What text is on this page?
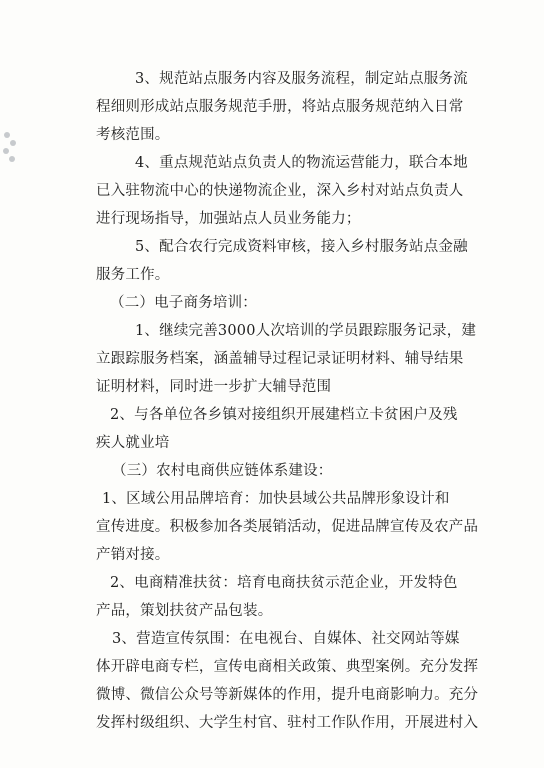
3、规范站点服务内容及服务流程，制定站点服务流
程细则形成站点服务规范手册，将站点服务规范纳入日常
考核范围。
4、重点规范站点负责人的物流运营能力，联合本地
已入驻物流中心的快递物流企业，深入乡村对站点负责人
进行现场指导，加强站点人员业务能力；
5、配合农行完成资料审核，接入乡村服务站点金融
服务工作。
（二）电子商务培训：
1、继续完善3000人次培训的学员跟踪服务记录，建
立跟踪服务档案，涵盖辅导过程记录证明材料、辅导结果
证明材料，同时进一步扩大辅导范围
2、与各单位各乡镇对接组织开展建档立卡贫困户及残
疾人就业培
（三）农村电商供应链体系建设：
1、区域公用品牌培育：加快县域公共品牌形象设计和
宣传进度。积极参加各类展销活动，促进品牌宣传及农产品
产销对接。
2、电商精准扶贫：培育电商扶贫示范企业，开发特色
产品，策划扶贫产品包装。
3、营造宣传氛围：在电视台、自媒体、社交网站等媒
体开辟电商专栏，宣传电商相关政策、典型案例。充分发挥
微博、微信公众号等新媒体的作用，提升电商影响力。充分
发挥村级组织、大学生村官、驻村工作队作用，开展进村入
